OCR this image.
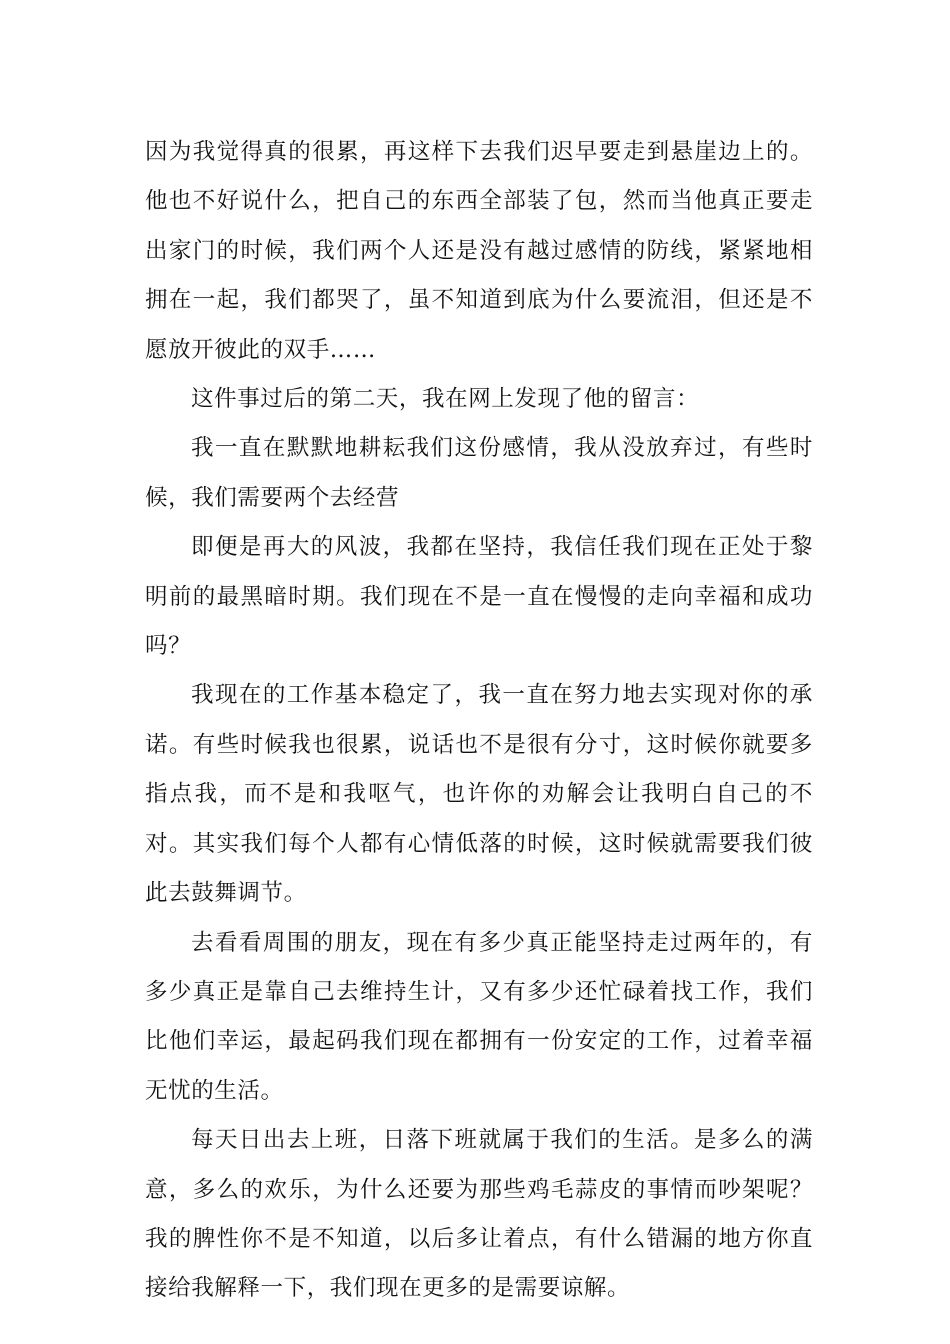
因为我觉得真的很累，再这样下去我们迟早要走到悬崖边上的。他也不好说什么，把自己的东西全部装了包，然而当他真正要走出家门的时候，我们两个人还是没有越过感情的防线，紧紧地相拥在一起，我们都哭了，虽不知道到底为什么要流泪，但还是不愿放开彼此的双手……

这件事过后的第二天，我在网上发现了他的留言：

我一直在默默地耕耘我们这份感情，我从没放弃过，有些时候，我们需要两个去经营

即便是再大的风波，我都在坚持，我信任我们现在正处于黎明前的最黑暗时期。我们现在不是一直在慢慢的走向幸福和成功吗？

我现在的工作基本稳定了，我一直在努力地去实现对你的承诺。有些时候我也很累，说话也不是很有分寸，这时候你就要多指点我，而不是和我呕气，也许你的劝解会让我明白自己的不对。其实我们每个人都有心情低落的时候，这时候就需要我们彼此去鼓舞调节。

去看看周围的朋友，现在有多少真正能坚持走过两年的，有多少真正是靠自己去维持生计，又有多少还忙碌着找工作，我们比他们幸运，最起码我们现在都拥有一份安定的工作，过着幸福无忧的生活。

每天日出去上班，日落下班就属于我们的生活。是多么的满意，多么的欢乐，为什么还要为那些鸡毛蒜皮的事情而吵架呢？我的脾性你不是不知道，以后多让着点，有什么错漏的地方你直接给我解释一下，我们现在更多的是需要谅解。
